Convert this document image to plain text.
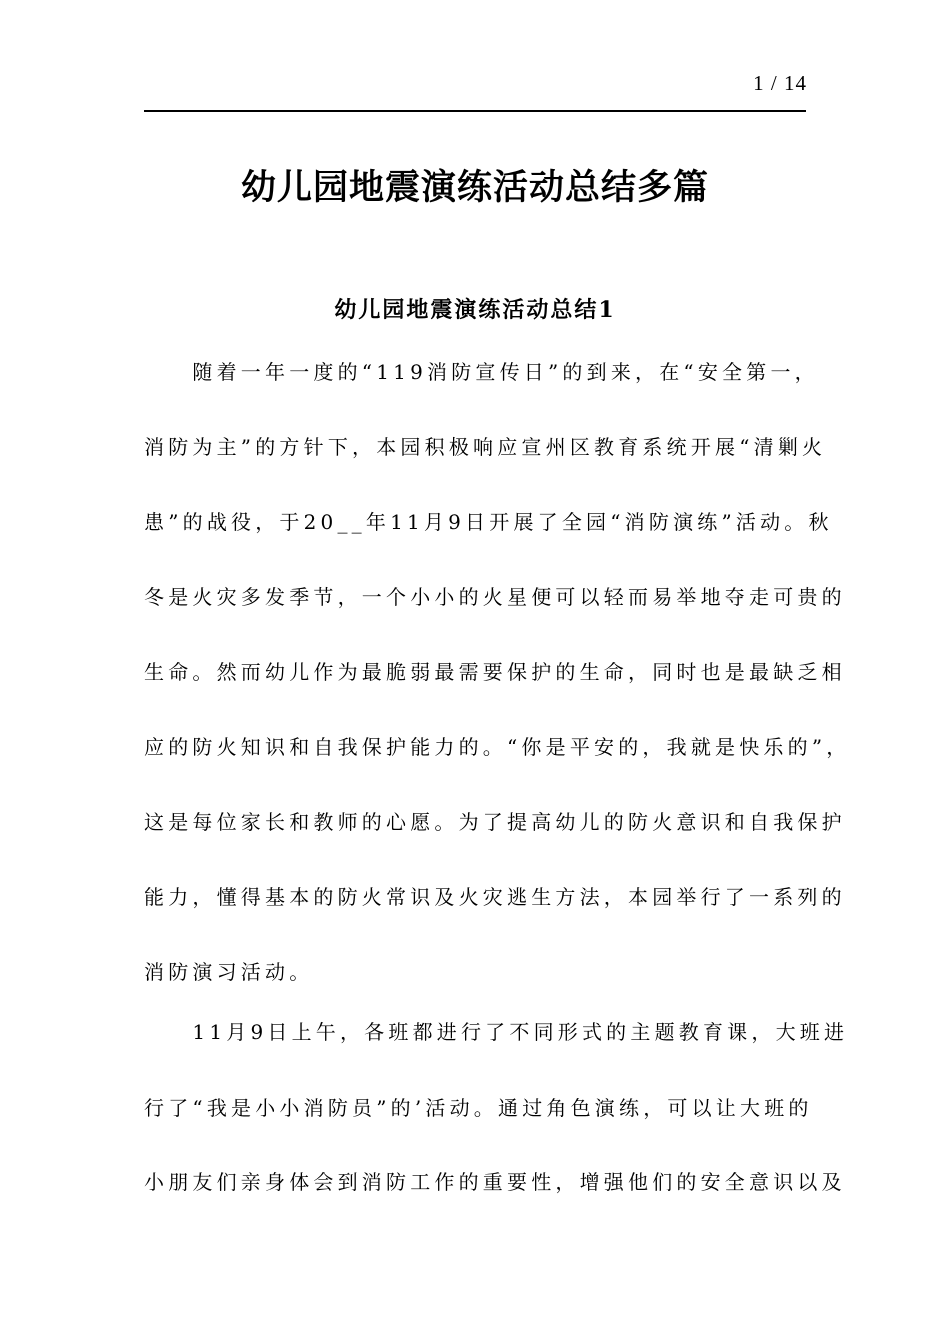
1 / 14
幼儿园地震演练活动总结多篇
幼儿园地震演练活动总结1
　　随着一年一度的“119消防宣传日”的到来，在“安全第一，
消防为主”的方针下，本园积极响应宣州区教育系统开展“清剿火
患”的战役，于20__年11月9日开展了全园“消防演练”活动。秋
冬是火灾多发季节，一个小小的火星便可以轻而易举地夺走可贵的
生命。然而幼儿作为最脆弱最需要保护的生命，同时也是最缺乏相
应的防火知识和自我保护能力的。“你是平安的，我就是快乐的”，
这是每位家长和教师的心愿。为了提高幼儿的防火意识和自我保护
能力，懂得基本的防火常识及火灾逃生方法，本园举行了一系列的
消防演习活动。
　　11月9日上午，各班都进行了不同形式的主题教育课，大班进
行了“我是小小消防员”的’活动。通过角色演练，可以让大班的
小朋友们亲身体会到消防工作的重要性，增强他们的安全意识以及
